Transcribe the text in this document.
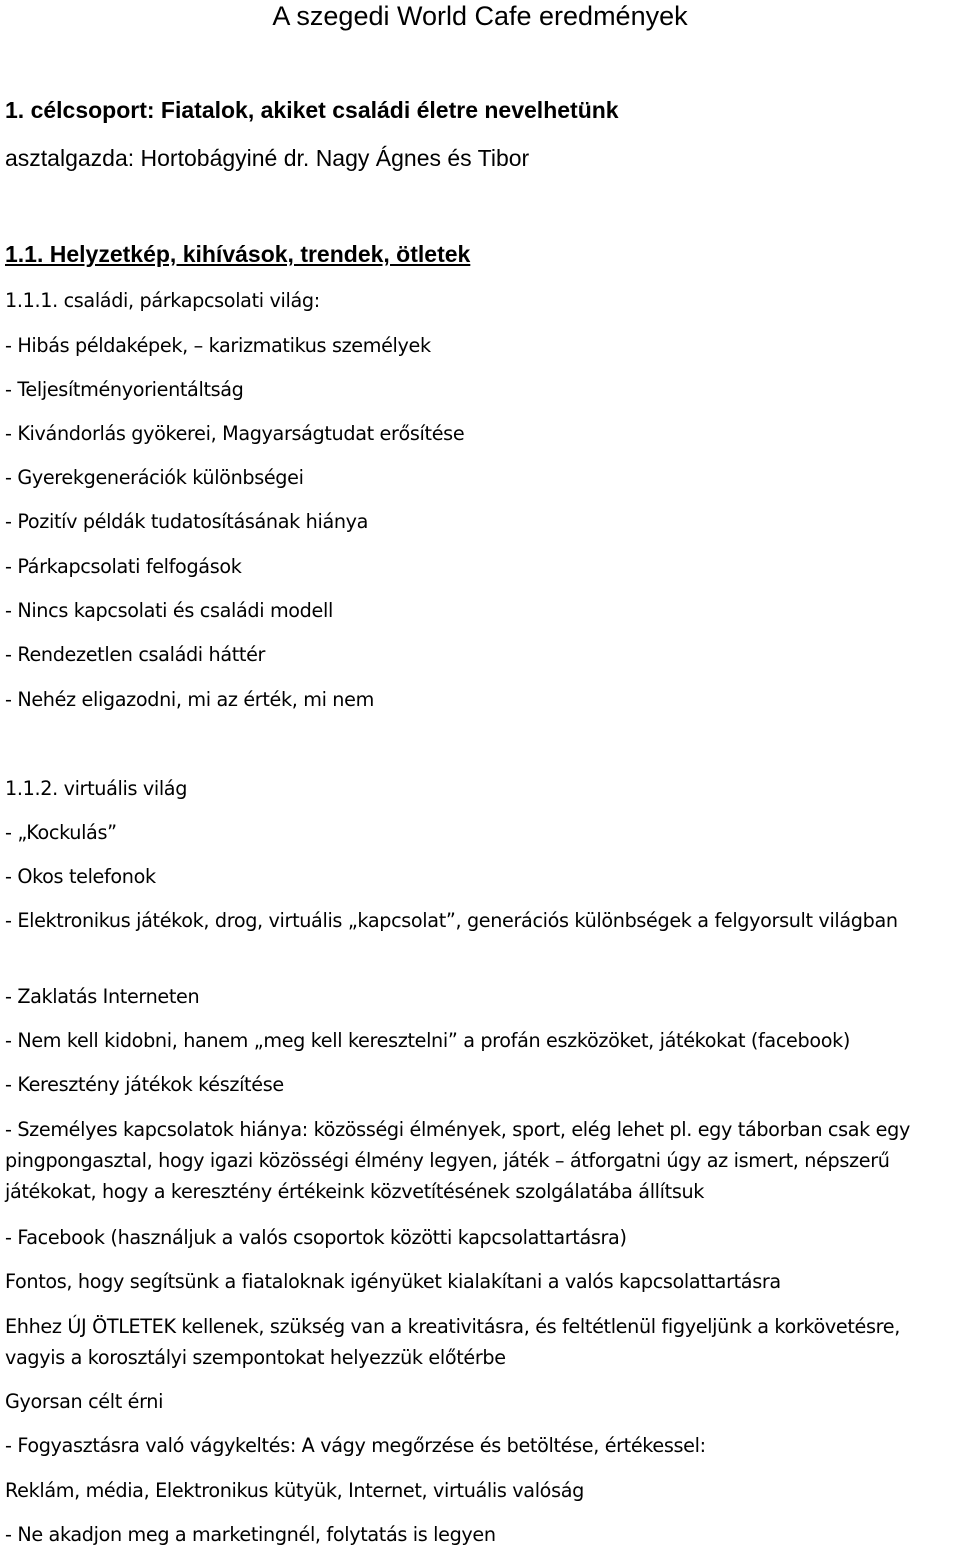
A szegedi World Cafe eredmények
1. célcsoport: Fiatalok, akiket családi életre nevelhetünk

asztalgazda: Hortobágyiné dr. Nagy Ágnes és Tibor

1.1. Helyzetkép, kihívások, trendek, ötletek

1.1.1. családi, párkapcsolati világ:

- Hibás példaképek, – karizmatikus személyek

- Teljesítményorientáltság

- Kivándorlás gyökerei, Magyarságtudat erősítése

- Gyerekgenerációk különbségei

- Pozitív példák tudatosításának hiánya

- Párkapcsolati felfogások

- Nincs kapcsolati és családi modell

- Rendezetlen családi háttér

- Nehéz eligazodni, mi az érték, mi nem

1.1.2. virtuális világ

- „Kockulás”

- Okos telefonok

- Elektronikus játékok, drog, virtuális „kapcsolat”, generációs különbségek a felgyorsult világban

- Zaklatás Interneten

- Nem kell kidobni, hanem „meg kell keresztelni” a profán eszközöket, játékokat (facebook)

- Keresztény játékok készítése

- Személyes kapcsolatok hiánya: közösségi élmények, sport, elég lehet pl. egy táborban csak egy pingpongasztal, hogy igazi közösségi élmény legyen, játék – átforgatni úgy az ismert, népszerű játékokat, hogy a keresztény értékeink közvetítésének szolgálatába állítsuk

- Facebook (használjuk a valós csoportok közötti kapcsolattartásra)

Fontos, hogy segítsünk a fiataloknak igényüket kialakítani a valós kapcsolattartásra

Ehhez ÚJ ÖTLETEK kellenek, szükség van a kreativitásra, és feltétlenül figyeljünk a korkövetésre, vagyis a korosztályi szempontokat helyezzük előtérbe

Gyorsan célt érni

- Fogyasztásra való vágykeltés: A vágy megőrzése és betöltése, értékessel:

Reklám, média, Elektronikus kütyük, Internet, virtuális valóság

- Ne akadjon meg a marketingnél, folytatás is legyen
